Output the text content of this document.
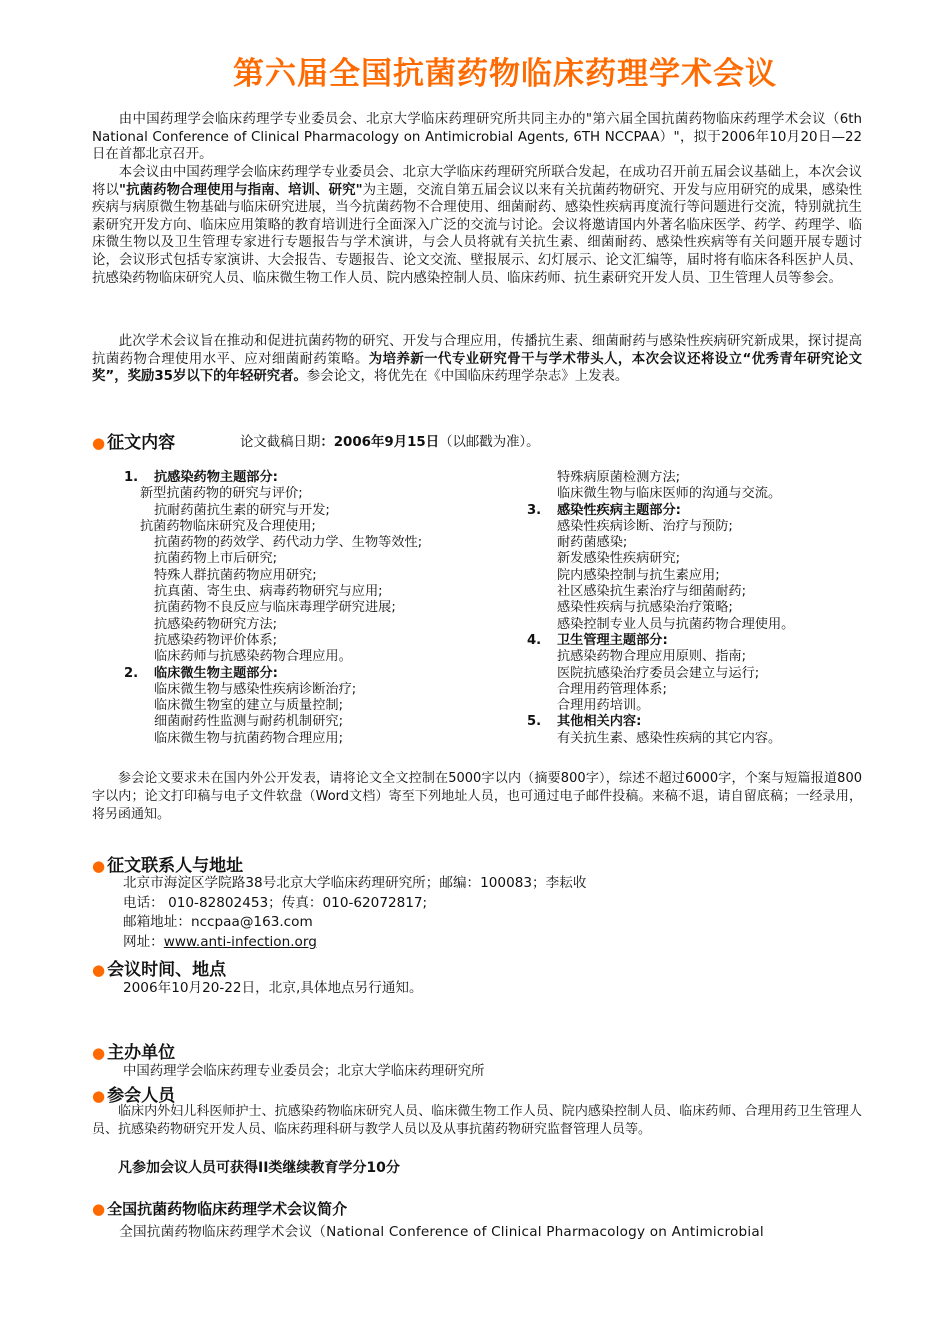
第六届全国抗菌药物临床药理学术会议
由中国药理学会临床药理学专业委员会、北京大学临床药理研究所共同主办的"第六届全国抗菌药物临床药理学术会议（6th National Conference of Clinical Pharmacology on Antimicrobial Agents, 6TH NCCPAA）"，拟于2006年10月20日—22日在首都北京召开。
本会议由中国药理学会临床药理学专业委员会、北京大学临床药理研究所联合发起，在成功召开前五届会议基础上，本次会议将以"抗菌药物合理使用与指南、培训、研究"为主题，交流自第五届会议以来有关抗菌药物研究、开发与应用研究的成果，感染性疾病与病原微生物基础与临床研究进展，当今抗菌药物不合理使用、细菌耐药、感染性疾病再度流行等问题进行交流，特别就抗生素研究开发方向、临床应用策略的教育培训进行全面深入广泛的交流与讨论。会议将邀请国内外著名临床医学、药学、药理学、临床微生物以及卫生管理专家进行专题报告与学术演讲，与会人员将就有关抗生素、细菌耐药、感染性疾病等有关问题开展专题讨论，会议形式包括专家演讲、大会报告、专题报告、论文交流、壁报展示、幻灯展示、论文汇编等，届时将有临床各科医护人员、抗感染药物临床研究人员、临床微生物工作人员、院内感染控制人员、临床药师、抗生素研究开发人员、卫生管理人员等参会。
此次学术会议旨在推动和促进抗菌药物的研究、开发与合理应用，传播抗生素、细菌耐药与感染性疾病研究新成果，探讨提高抗菌药物合理使用水平、应对细菌耐药策略。为培养新一代专业研究骨干与学术带头人，本次会议还将设立“优秀青年研究论文奖”，奖励35岁以下的年轻研究者。参会论文，将优先在《中国临床药理学杂志》上发表。
● 征文内容	论文截稿日期：2006年9月15日（以邮戳为准）。
1. 抗感染药物主题部分:
新型抗菌药物的研究与评价;
抗耐药菌抗生素的研究与开发;
抗菌药物临床研究及合理使用;
抗菌药物的药效学、药代动力学、生物等效性;
抗菌药物上市后研究;
特殊人群抗菌药物应用研究;
抗真菌、寄生虫、病毒药物研究与应用;
抗菌药物不良反应与临床毒理学研究进展;
抗感染药物研究方法;
抗感染药物评价体系;
临床药师与抗感染药物合理应用。
2. 临床微生物主题部分:
临床微生物与感染性疾病诊断治疗;
临床微生物室的建立与质量控制;
细菌耐药性监测与耐药机制研究;
临床微生物与抗菌药物合理应用;
特殊病原菌检测方法;
临床微生物与临床医师的沟通与交流。
3. 感染性疾病主题部分:
感染性疾病诊断、治疗与预防;
耐药菌感染;
新发感染性疾病研究;
院内感染控制与抗生素应用;
社区感染抗生素治疗与细菌耐药;
感染性疾病与抗感染治疗策略;
感染控制专业人员与抗菌药物合理使用。
4. 卫生管理主题部分:
抗感染药物合理应用原则、指南;
医院抗感染治疗委员会建立与运行;
合理用药管理体系;
合理用药培训。
5. 其他相关内容:
有关抗生素、感染性疾病的其它内容。
参会论文要求未在国内外公开发表，请将论文全文控制在5000字以内（摘要800字），综述不超过6000字，个案与短篇报道800字以内；论文打印稿与电子文件软盘（Word文档）寄至下列地址人员，也可通过电子邮件投稿。来稿不退，请自留底稿；一经录用，将另函通知。
● 征文联系人与地址
北京市海淀区学院路38号北京大学临床药理研究所；邮编：100083；李耘收
电话： 010-82802453；传真：010-62072817;
邮箱地址：nccpaa@163.com
网址：www.anti-infection.org
● 会议时间、地点
2006年10月20-22日，北京,具体地点另行通知。
● 主办单位
中国药理学会临床药理专业委员会；北京大学临床药理研究所
● 参会人员
临床内外妇儿科医师护士、抗感染药物临床研究人员、临床微生物工作人员、院内感染控制人员、临床药师、合理用药卫生管理人员、抗感染药物研究开发人员、临床药理科研与教学人员以及从事抗菌药物研究监督管理人员等。
凡参加会议人员可获得II类继续教育学分10分
● 全国抗菌药物临床药理学术会议简介
全国抗菌药物临床药理学术会议（National Conference of Clinical Pharmacology on Antimicrobial
